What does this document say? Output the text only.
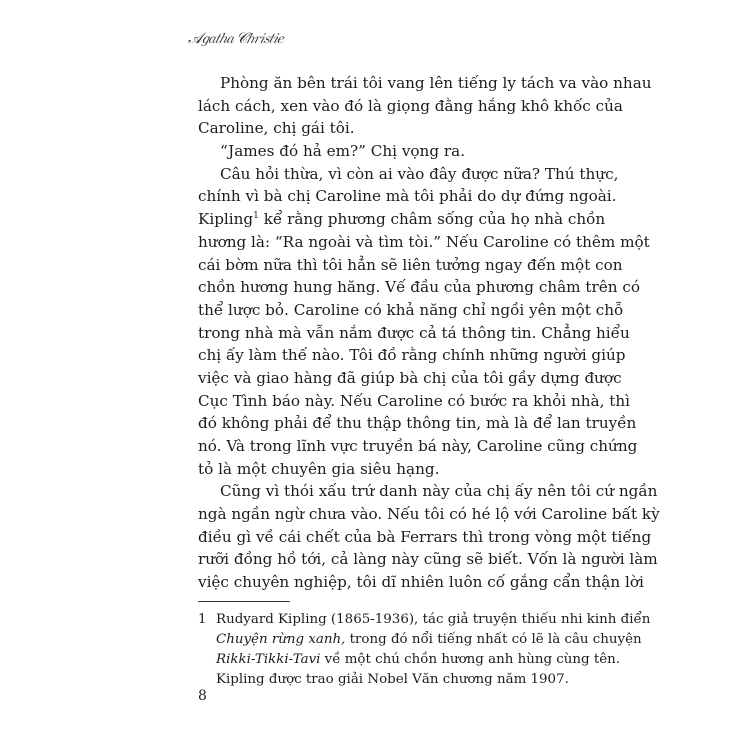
𝒜𝑔𝑎𝑡ℎ𝑎 𝒞ℎ𝑟𝑖𝑠𝑡𝑖𝑒
Phòng ăn bên trái tôi vang lên tiếng ly tách va vào nhau
lách cách, xen vào đó là giọng đằng hắng khô khốc của
Caroline, chị gái tôi.
“James đó hả em?” Chị vọng ra.
Câu hỏi thừa, vì còn ai vào đây được nữa? Thú thực,
chính vì bà chị Caroline mà tôi phải do dự đứng ngoài.
Kipling$^1$ kể rằng phương châm sống của họ nhà chồn
hương là: “Ra ngoài và tìm tòi.” Nếu Caroline có thêm một
cái bờm nữa thì tôi hẳn sẽ liên tưởng ngay đến một con
chồn hương hung hăng. Vế đầu của phương châm trên có
thể lược bỏ. Caroline có khả năng chỉ ngồi yên một chỗ
trong nhà mà vẫn nắm được cả tá thông tin. Chẳng hiểu
chị ấy làm thế nào. Tôi đồ rằng chính những người giúp
việc và giao hàng đã giúp bà chị của tôi gầy dựng được
Cục Tình báo này. Nếu Caroline có bước ra khỏi nhà, thì
đó không phải để thu thập thông tin, mà là để lan truyền
nó. Và trong lĩnh vực truyền bá này, Caroline cũng chứng
tỏ là một chuyên gia siêu hạng.
Cũng vì thói xấu trứ danh này của chị ấy nên tôi cứ ngần
ngà ngần ngừ chưa vào. Nếu tôi có hé lộ với Caroline bất kỳ
điều gì về cái chết của bà Ferrars thì trong vòng một tiếng
rưỡi đồng hồ tới, cả làng này cũng sẽ biết. Vốn là người làm
việc chuyên nghiệp, tôi dĩ nhiên luôn cố gắng cẩn thận lời
1 Rudyard Kipling (1865-1936), tác giả truyện thiếu nhi kinh điển
Chuyện rừng xanh, trong đó nổi tiếng nhất có lẽ là câu chuyện
Rikki-Tikki-Tavi về một chú chồn hương anh hùng cùng tên.
Kipling được trao giải Nobel Văn chương năm 1907.
8
